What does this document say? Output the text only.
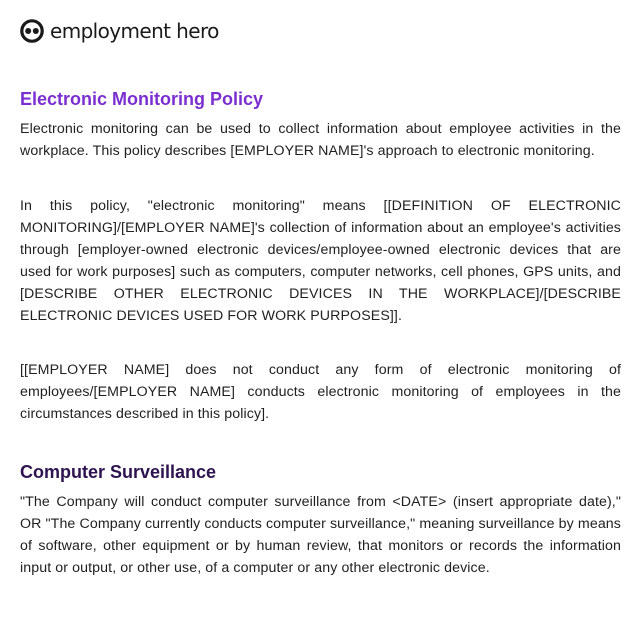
employment hero
Electronic Monitoring Policy

Electronic monitoring can be used to collect information about employee activities in the workplace. This policy describes [EMPLOYER NAME]'s approach to electronic monitoring.

In this policy, "electronic monitoring" means [[DEFINITION OF ELECTRONIC MONITORING]/[EMPLOYER NAME]'s collection of information about an employee's activities through [employer-owned electronic devices/employee-owned electronic devices that are used for work purposes] such as computers, computer networks, cell phones, GPS units, and [DESCRIBE OTHER ELECTRONIC DEVICES IN THE WORKPLACE]/[DESCRIBE ELECTRONIC DEVICES USED FOR WORK PURPOSES]].

[[EMPLOYER NAME] does not conduct any form of electronic monitoring of employees/[EMPLOYER NAME] conducts electronic monitoring of employees in the circumstances described in this policy].

Computer Surveillance

"The Company will conduct computer surveillance from <DATE> (insert appropriate date)," OR "The Company currently conducts computer surveillance," meaning surveillance by means of software, other equipment or by human review, that monitors or records the information input or output, or other use, of a computer or any other electronic device.
